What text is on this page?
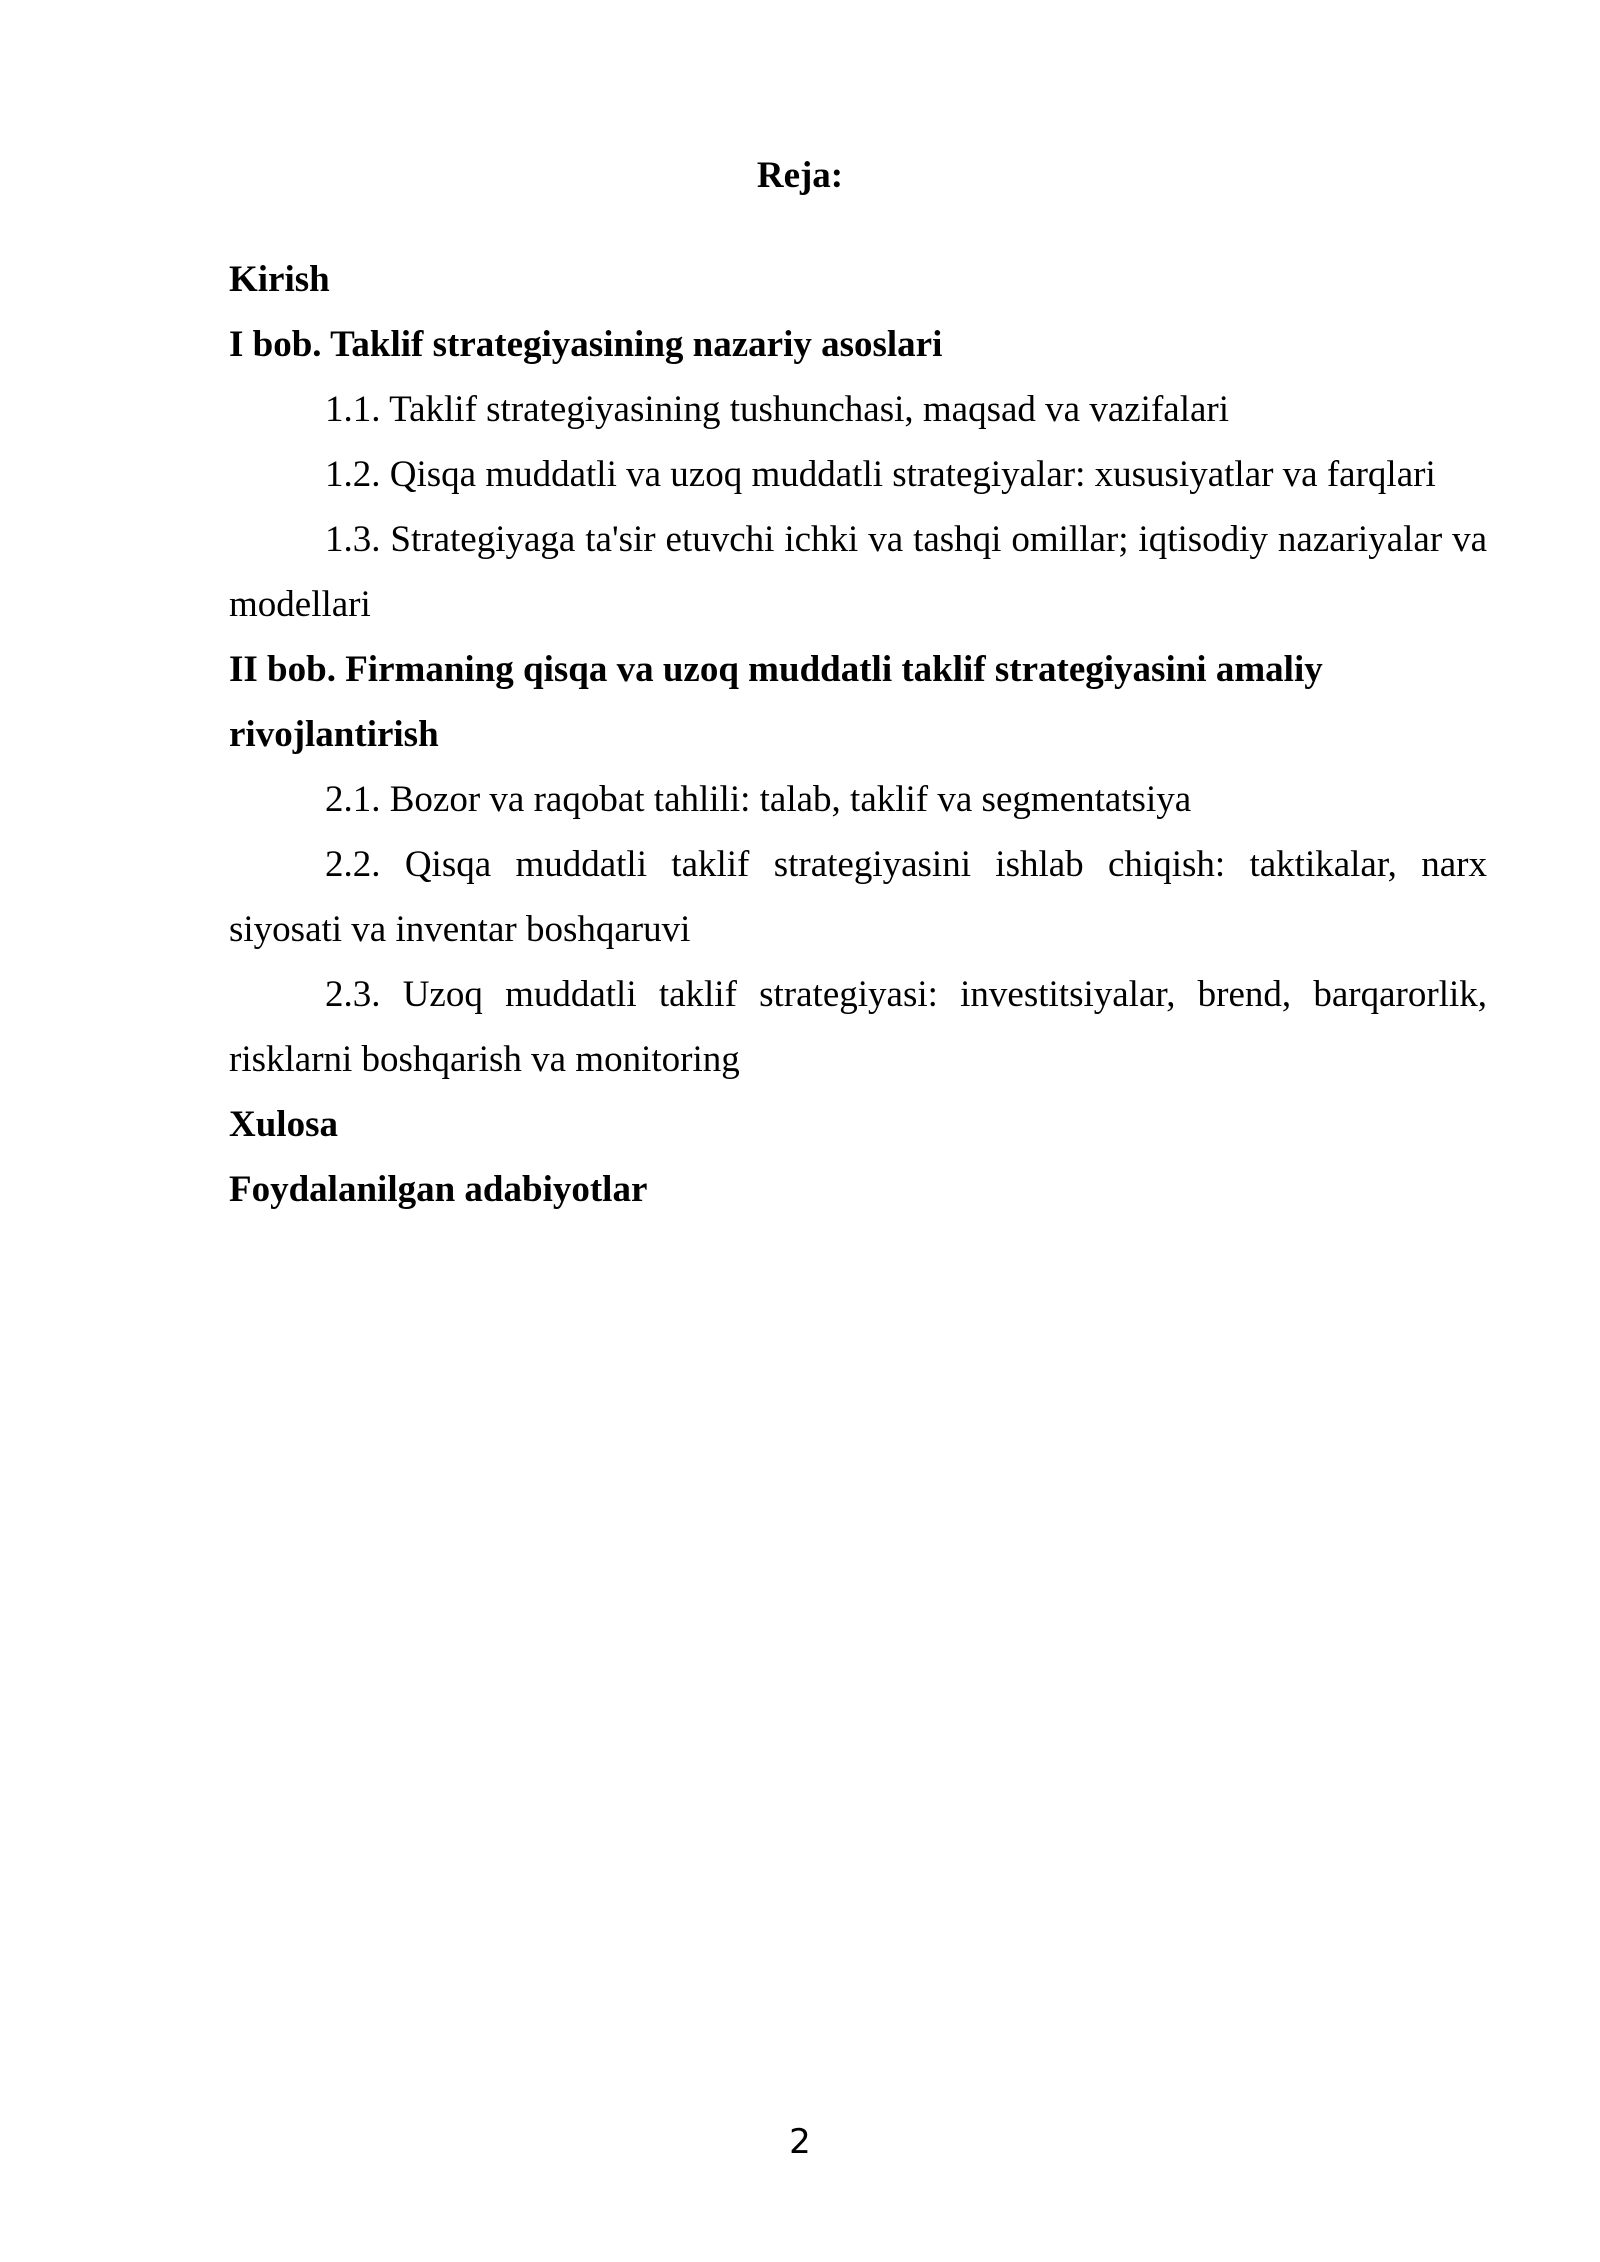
Reja:

Kirish

I bob. Taklif strategiyasining nazariy asoslari

1.1. Taklif strategiyasining tushunchasi, maqsad va vazifalari

1.2. Qisqa muddatli va uzoq muddatli strategiyalar: xususiyatlar va farqlari

1.3. Strategiyaga ta'sir etuvchi ichki va tashqi omillar; iqtisodiy nazariyalar va modellari

II bob. Firmaning qisqa va uzoq muddatli taklif strategiyasini amaliy rivojlantirish

2.1. Bozor va raqobat tahlili: talab, taklif va segmentatsiya

2.2. Qisqa muddatli taklif strategiyasini ishlab chiqish: taktikalar, narx siyosati va inventar boshqaruvi

2.3. Uzoq muddatli taklif strategiyasi: investitsiyalar, brend, barqarorlik, risklarni boshqarish va monitoring

Xulosa

Foydalanilgan adabiyotlar

2
